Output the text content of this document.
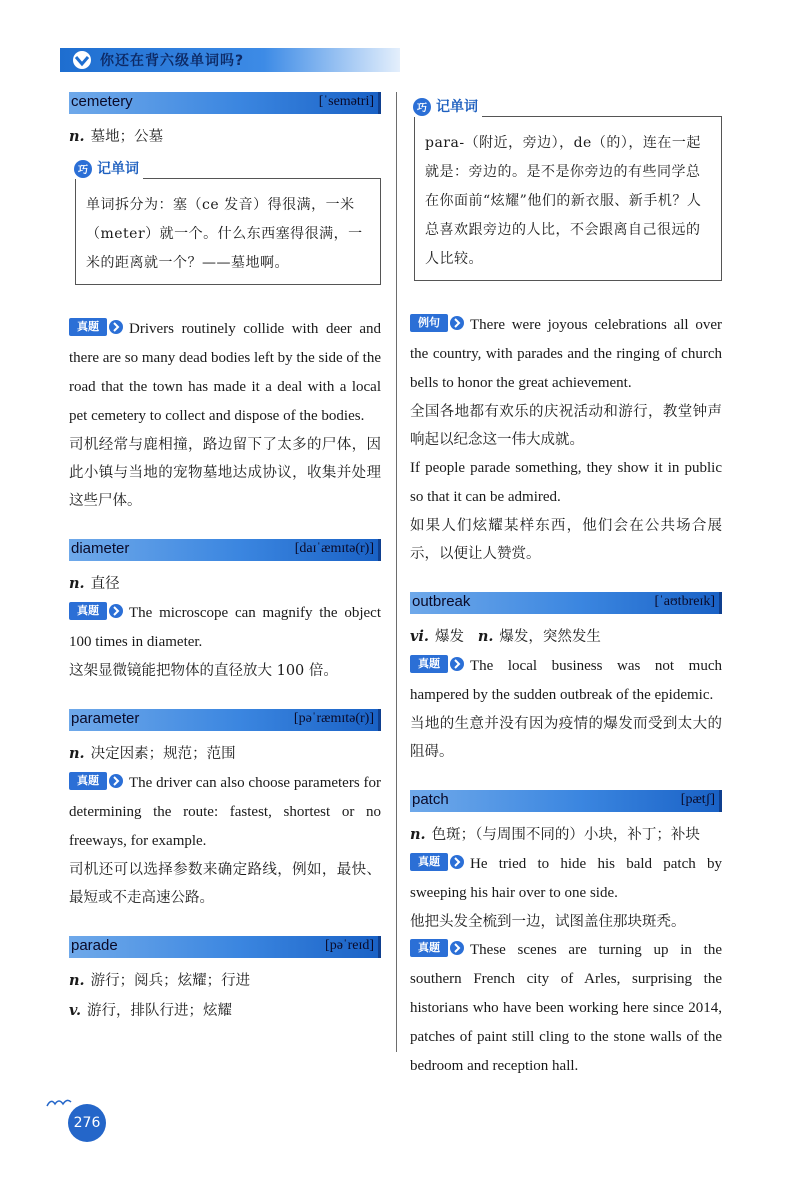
你还在背六级单词吗?
cemetery	[ˈsemətri]

n. 墓地；公墓

巧 记单词

单词拆分为：塞（ce 发音）得很满，一米（meter）就一个。什么东西塞得很满，一米的距离就一个？——墓地啊。

真题	Drivers routinely collide with deer and there are so many dead bodies left by the side of the road that the town has made it a deal with a local pet cemetery to collect and dispose of the bodies.

司机经常与鹿相撞，路边留下了太多的尸体，因此小镇与当地的宠物墓地达成协议，收集并处理这些尸体。

diameter	[daɪˈæmɪtə(r)]

n. 直径

真题	The microscope can magnify the object 100 times in diameter.

这架显微镜能把物体的直径放大 100 倍。

parameter	[pəˈræmɪtə(r)]

n. 决定因素；规范；范围

真题	The driver can also choose parameters for determining the route: fastest, shortest or no freeways, for example.

司机还可以选择参数来确定路线，例如，最快、最短或不走高速公路。

parade	[pəˈreɪd]

n. 游行；阅兵；炫耀；行进

v. 游行，排队行进；炫耀

巧 记单词

para-（附近，旁边），de（的），连在一起就是：旁边的。是不是你旁边的有些同学总在你面前“炫耀”他们的新衣服、新手机？人总喜欢跟旁边的人比，不会跟离自己很远的人比较。

例句	There were joyous celebrations all over the country, with parades and the ringing of church bells to honor the great achievement.

全国各地都有欢乐的庆祝活动和游行，教堂钟声响起以纪念这一伟大成就。

If people parade something, they show it in public so that it can be admired.

如果人们炫耀某样东西，他们会在公共场合展示，以便让人赞赏。

outbreak	[ˈaʊtbreɪk]

vi. 爆发 n. 爆发，突然发生

真题	The local business was not much hampered by the sudden outbreak of the epidemic.

当地的生意并没有因为疫情的爆发而受到太大的阻碍。

patch	[pætʃ]

n. 色斑；（与周围不同的）小块，补丁；补块

真题	He tried to hide his bald patch by sweeping his hair over to one side.

他把头发全梳到一边，试图盖住那块斑秃。

真题	These scenes are turning up in the southern French city of Arles, surprising the historians who have been working here since 2014, patches of paint still cling to the stone walls of the bedroom and reception hall.

276
